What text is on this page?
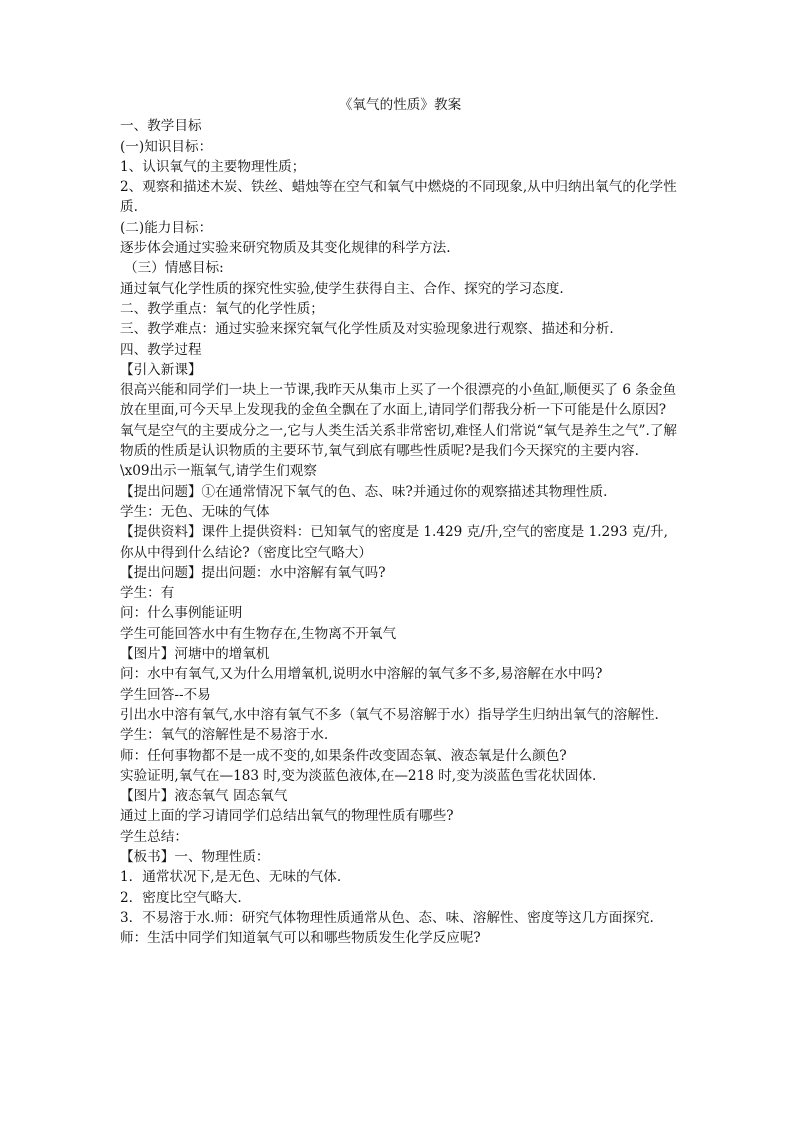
《氧气的性质》教案

一、教学目标

(一)知识目标：

1、认识氧气的主要物理性质；

2、观察和描述木炭、铁丝、蜡烛等在空气和氧气中燃烧的不同现象,从中归纳出氧气的化学性质.

(二)能力目标：

逐步体会通过实验来研究物质及其变化规律的科学方法.

（三）情感目标:

通过氧气化学性质的探究性实验,使学生获得自主、合作、探究的学习态度.

二、教学重点：氧气的化学性质；

三、教学难点：通过实验来探究氧气化学性质及对实验现象进行观察、描述和分析.

四、教学过程

【引入新课】

很高兴能和同学们一块上一节课,我昨天从集市上买了一个很漂亮的小鱼缸,顺便买了 6 条金鱼放在里面,可今天早上发现我的金鱼全飘在了水面上,请同学们帮我分析一下可能是什么原因?

氧气是空气的主要成分之一,它与人类生活关系非常密切,难怪人们常说“氧气是养生之气”.了解物质的性质是认识物质的主要环节,氧气到底有哪些性质呢?是我们今天探究的主要内容.

\x09出示一瓶氧气,请学生们观察

【提出问题】①在通常情况下氧气的色、态、味?并通过你的观察描述其物理性质.

学生：无色、无味的气体

【提供资料】课件上提供资料：已知氧气的密度是 1.429 克/升,空气的密度是 1.293 克/升,你从中得到什么结论?（密度比空气略大）

【提出问题】提出问题：水中溶解有氧气吗?

学生：有

问：什么事例能证明

学生可能回答水中有生物存在,生物离不开氧气

【图片】河塘中的增氧机

问：水中有氧气,又为什么用增氧机,说明水中溶解的氧气多不多,易溶解在水中吗?

学生回答--不易

引出水中溶有氧气,水中溶有氧气不多（氧气不易溶解于水）指导学生归纳出氧气的溶解性.

学生：氧气的溶解性是不易溶于水.

师：任何事物都不是一成不变的,如果条件改变固态氧、液态氧是什么颜色?

实验证明,氧气在—183 时,变为淡蓝色液体,在—218 时,变为淡蓝色雪花状固体.

【图片】液态氧气 固态氧气

通过上面的学习请同学们总结出氧气的物理性质有哪些?

学生总结：

【板书】一、物理性质：

1．通常状况下,是无色、无味的气体.

2．密度比空气略大.

3．不易溶于水.师：研究气体物理性质通常从色、态、味、溶解性、密度等这几方面探究.

师：生活中同学们知道氧气可以和哪些物质发生化学反应呢?
